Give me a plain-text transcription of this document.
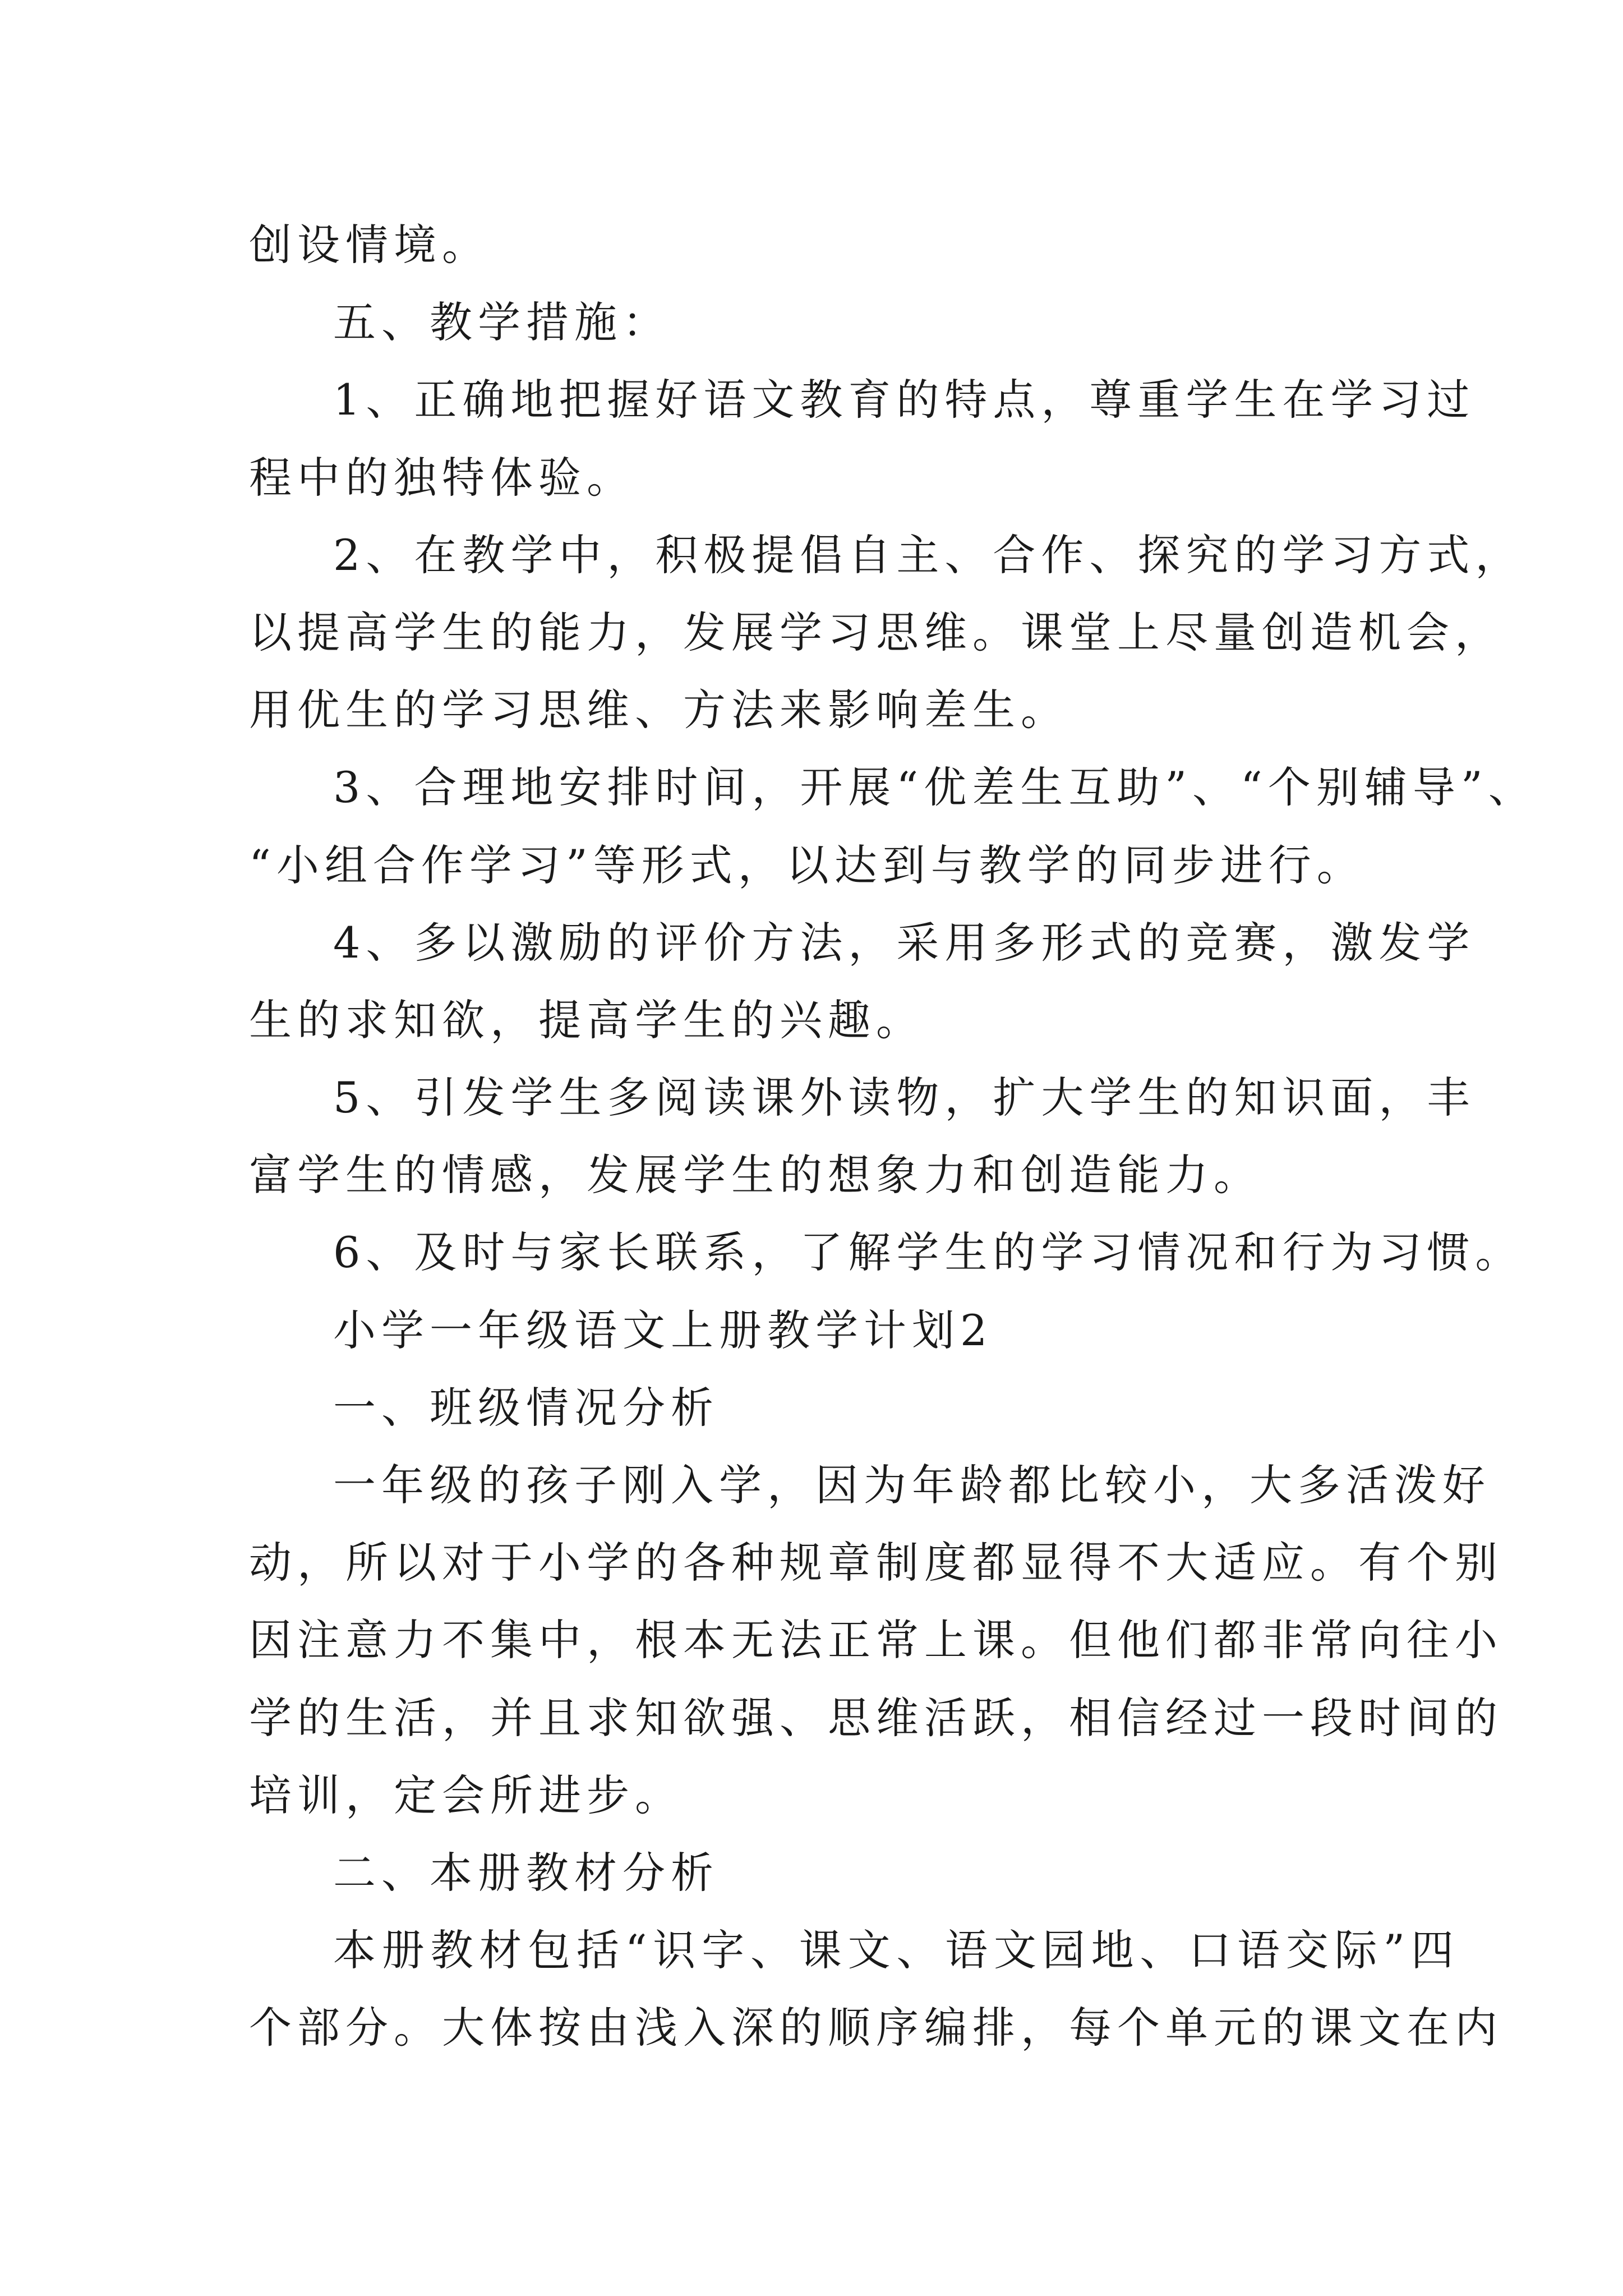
创设情境。
五、教学措施：
1、正确地把握好语文教育的特点，尊重学生在学习过
程中的独特体验。
2、在教学中，积极提倡自主、合作、探究的学习方式，
以提高学生的能力，发展学习思维。课堂上尽量创造机会，
用优生的学习思维、方法来影响差生。
3、合理地安排时间，开展“优差生互助”、“个别辅导”、
“小组合作学习”等形式，以达到与教学的同步进行。
4、多以激励的评价方法，采用多形式的竞赛，激发学
生的求知欲，提高学生的兴趣。
5、引发学生多阅读课外读物，扩大学生的知识面，丰
富学生的情感，发展学生的想象力和创造能力。
6、及时与家长联系，了解学生的学习情况和行为习惯。
小学一年级语文上册教学计划2
一、班级情况分析
一年级的孩子刚入学，因为年龄都比较小，大多活泼好
动，所以对于小学的各种规章制度都显得不大适应。有个别
因注意力不集中，根本无法正常上课。但他们都非常向往小
学的生活，并且求知欲强、思维活跃，相信经过一段时间的
培训，定会所进步。
二、本册教材分析
本册教材包括“识字、课文、语文园地、口语交际”四
个部分。大体按由浅入深的顺序编排，每个单元的课文在内
